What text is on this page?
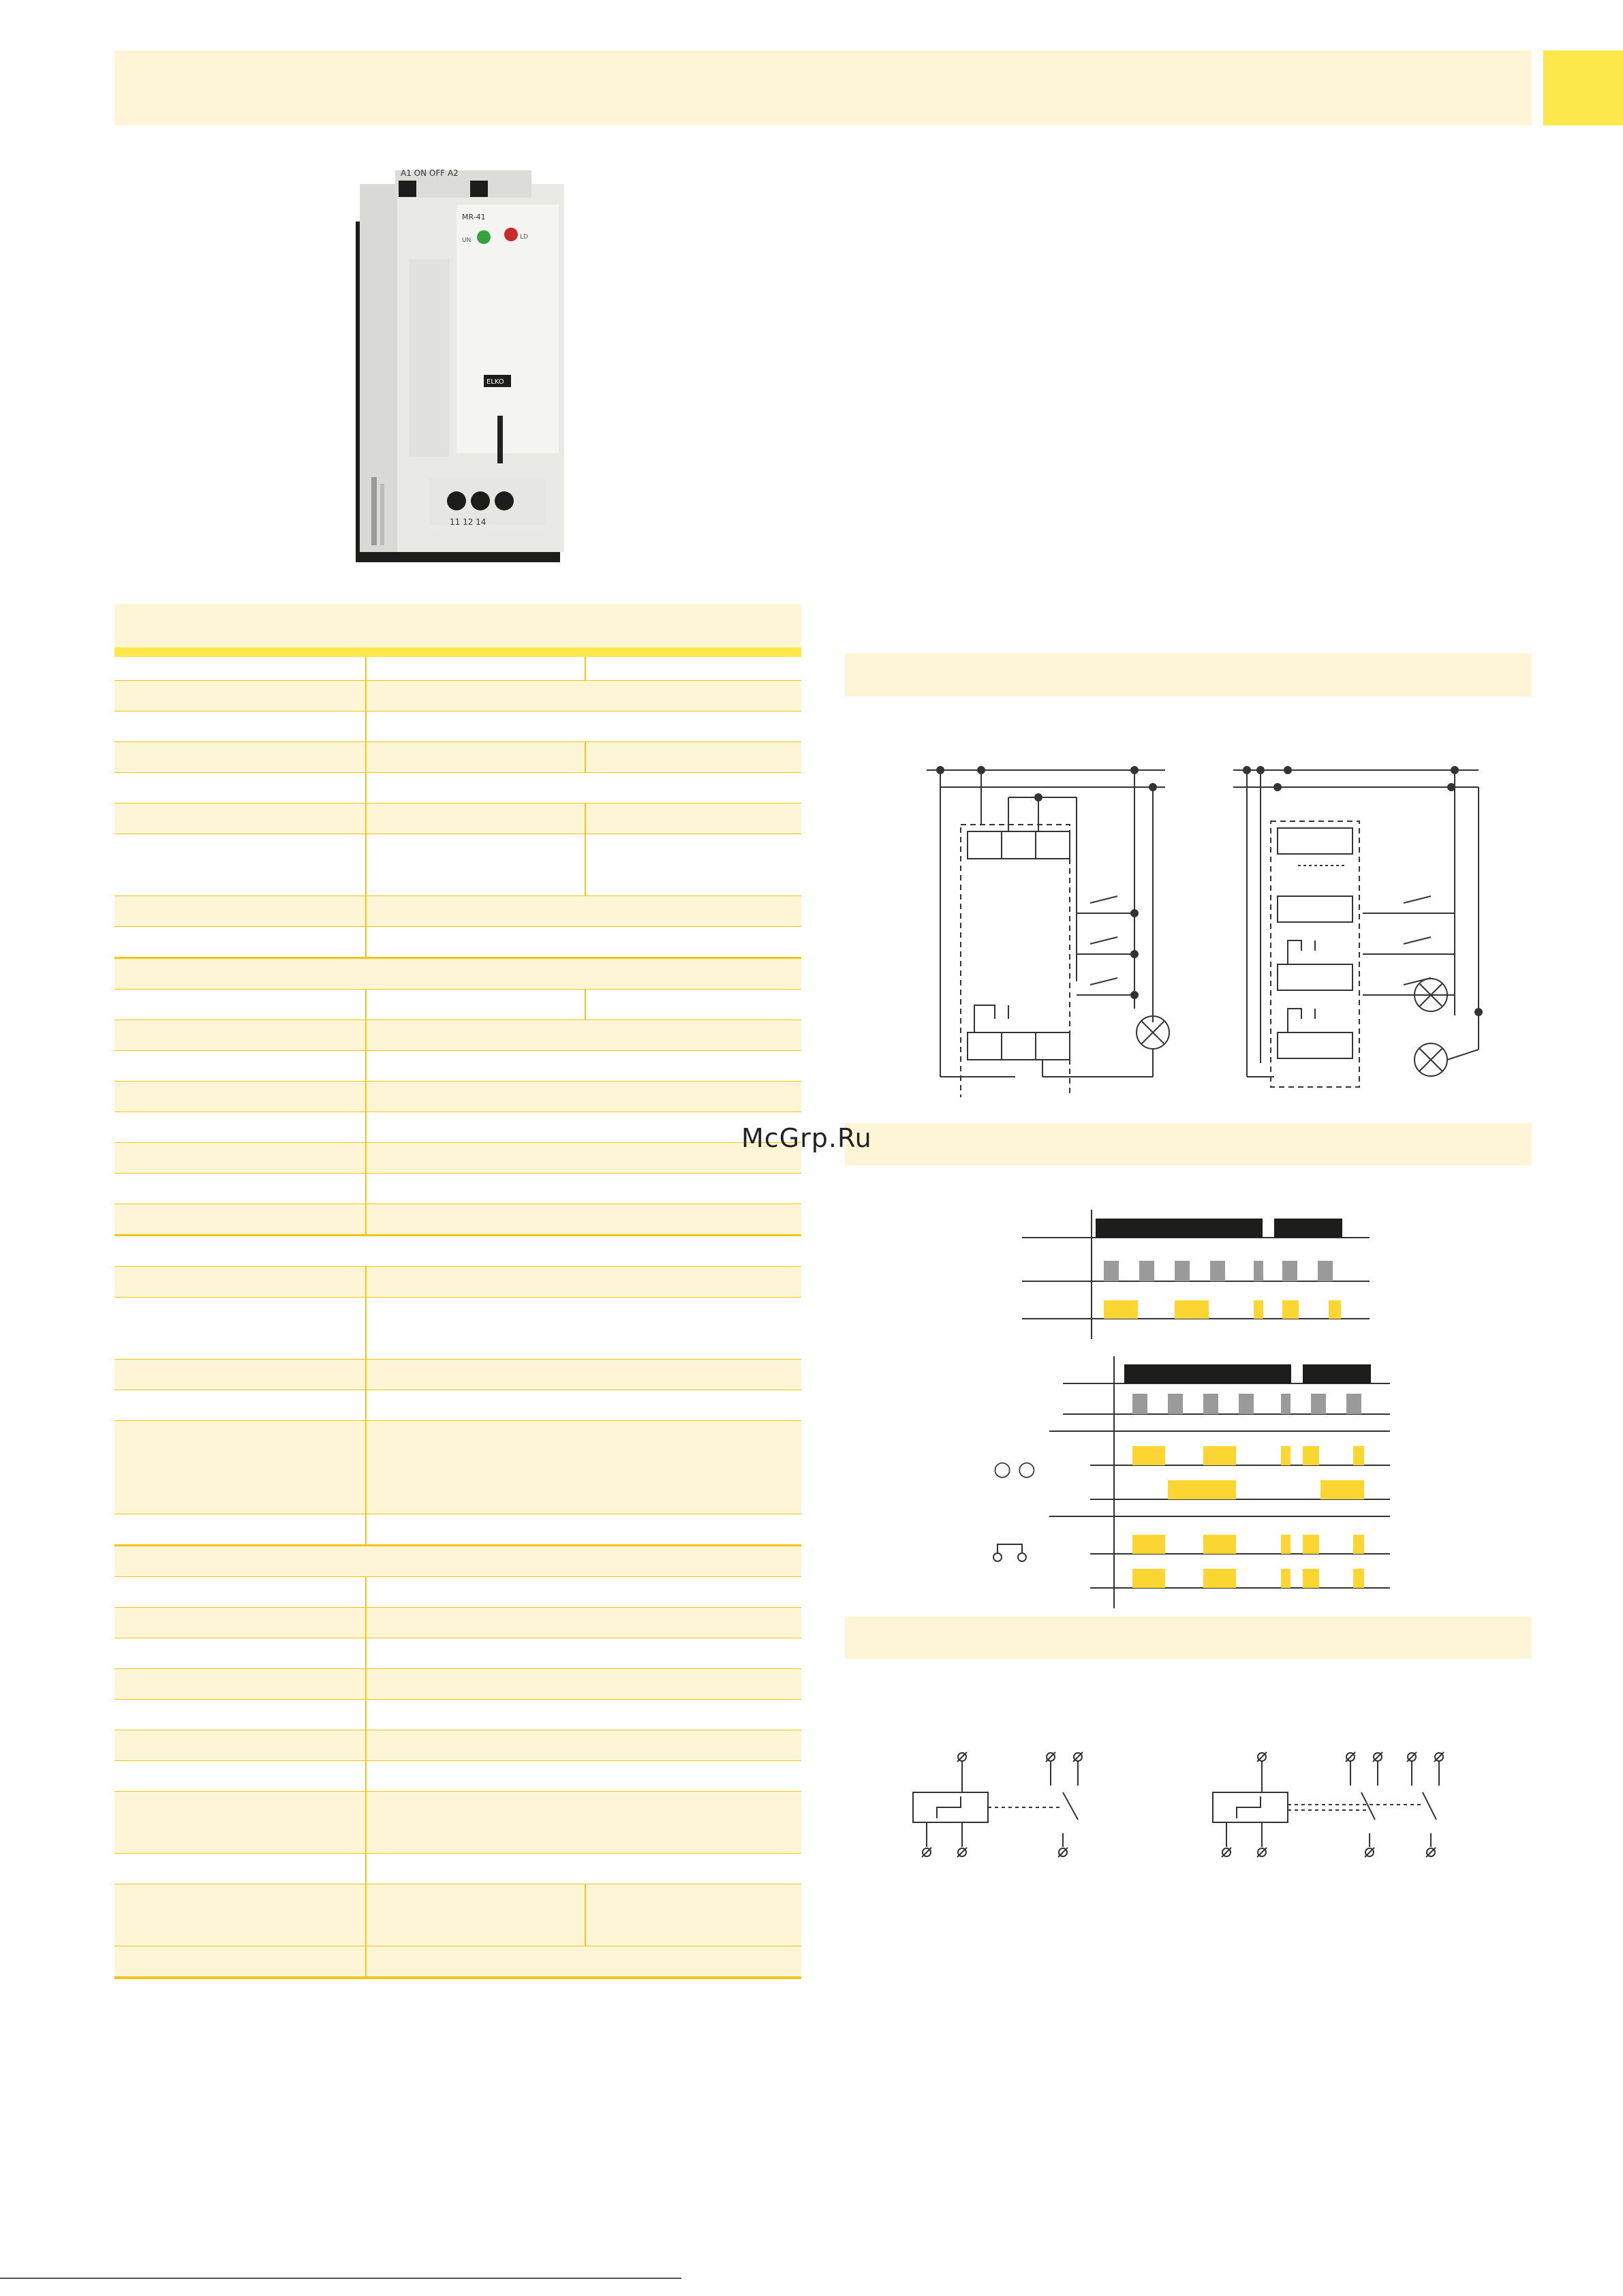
A1 ON OFF A2
MR-41
UN	LD
ELKO
11 12 14
McGrp.Ru
○ ○
